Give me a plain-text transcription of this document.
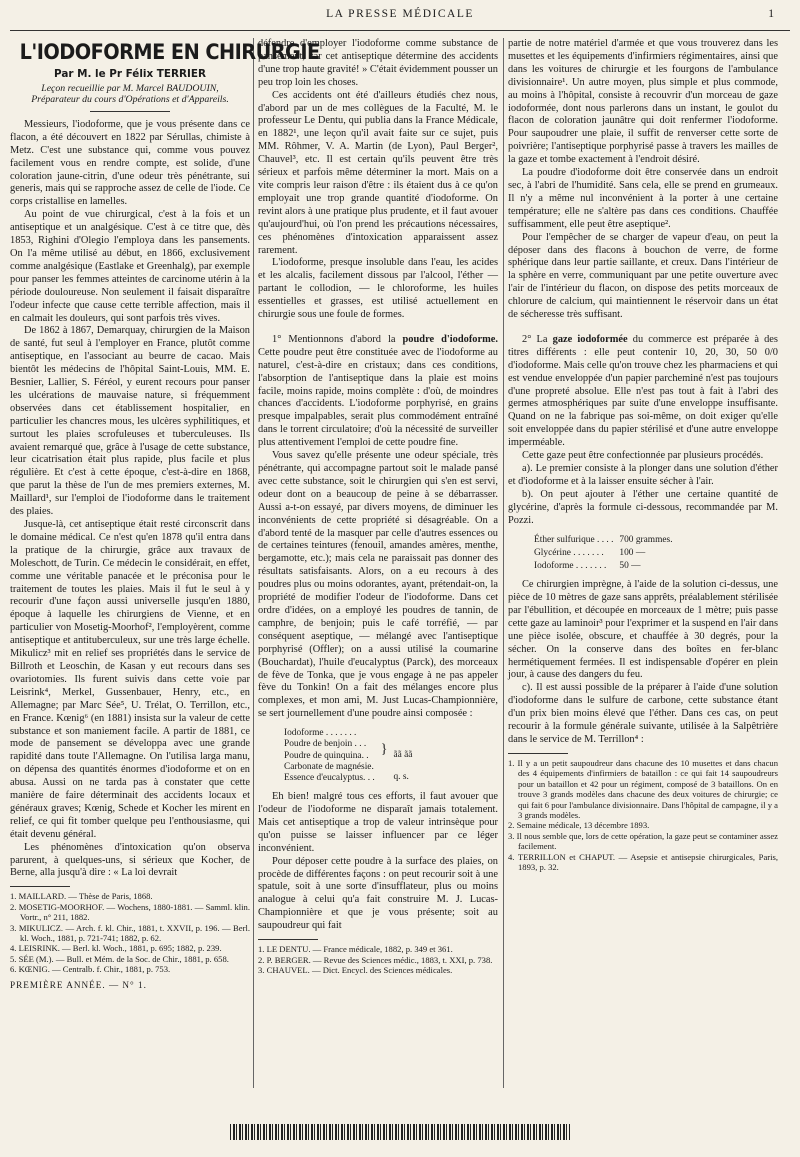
LA PRESSE MÉDICALE	1
L'IODOFORME EN CHIRURGIE
Par M. le Pr Félix TERRIER
Leçon recueillie par M. Marcel BAUDOUIN,
Préparateur du cours d'Opérations et d'Appareils.

Messieurs, l'iodoforme, que je vous présente dans ce flacon, a été découvert en 1822 par Sérullas, chimiste à Metz. C'est une substance qui, comme vous pouvez facilement vous en rendre compte, est solide, d'une coloration jaune-citrin, d'une odeur très pénétrante, sui generis, mais qui se rapproche assez de celle de l'iode. Ce corps cristallise en lamelles.

Au point de vue chirurgical, c'est à la fois et un antiseptique et un analgésique. C'est à ce titre que, dès 1853, Righini d'Olegio l'employa dans les pansements. On l'a même utilisé au début, en 1866, exclusivement comme analgésique (Eastlake et Greenhalg), par exemple pour panser les femmes atteintes de carcinome utérin à la période douloureuse. Non seulement il faisait disparaître l'odeur infecte que cause cette terrible affection, mais il en calmait les douleurs, qui sont parfois très vives.

De 1862 à 1867, Demarquay, chirurgien de la Maison de santé, fut seul à l'employer en France, plutôt comme antiseptique, en l'associant au beurre de cacao. Mais bientôt les médecins de l'hôpital Saint-Louis, MM. E. Besnier, Lallier, S. Féréol, y eurent recours pour panser les ulcérations de mauvaise nature, si fréquemment observées dans cet établissement hospitalier, en particulier les chancres mous, les ulcères syphilitiques, et surtout les plaies scrofuleuses et tuberculeuses. Ils avaient remarqué que, grâce à l'usage de cette substance, leur cicatrisation était plus rapide, plus facile et plus régulière. Et c'est à cette époque, c'est-à-dire en 1868, que parut la thèse de l'un de mes premiers externes, M. Maillard¹, sur l'emploi de l'iodoforme dans le traitement des plaies.

Jusque-là, cet antiseptique était resté circonscrit dans le domaine médical. Ce n'est qu'en 1878 qu'il entra dans la pratique de la chirurgie, grâce aux travaux de Moleschott, de Turin. Ce médecin le considérait, en effet, comme une véritable panacée et le préconisa pour le traitement de toutes les plaies. Mais il fut le seul à y recourir d'une façon aussi universelle jusqu'en 1880, époque à laquelle les chirurgiens de Vienne, et en particulier von Mosetig-Moorhof², l'employèrent, comme antiseptique et antituberculeux, sur une très large échelle. Mikulicz³ mit en relief ses propriétés dans le service de Billroth et Leoschin, de Kasan y eut recours dans ses ovariotomies. Ils furent suivis dans cette voie par Leisrink⁴, Merkel, Gussenbauer, Henry, etc., en Allemagne; par Marc Sée⁵, U. Trélat, O. Terrillon, etc., en France. Kœnig⁶ (en 1881) insista sur la valeur de cette substance et son maniement facile. A partir de 1881, ce mode de pansement se développa avec une grande rapidité dans toute l'Allemagne. On l'utilisa larga manu, on dépensa des quantités énormes d'iodoforme et on en abusa. Aussi on ne tarda pas à constater que cette manière de faire déterminait des accidents locaux et généraux graves; Kœnig, Schede et Kocher les mirent en relief, ce qui fit tomber quelque peu l'enthousiasme, qui était devenu général.

Les phénomènes d'intoxication qu'on observa parurent, à quelques-uns, si sérieux que Kocher, de Berne, alla jusqu'à dire : « La loi devrait

1. MAILLARD. — Thèse de Paris, 1868.

2. MOSETIG-MOORHOF. — Wochens, 1880-1881. — Samml. klin. Vortr., n° 211, 1882.

3. MIKULICZ. — Arch. f. kl. Chir., 1881, t. XXVII, p. 196. — Berl. kl. Woch., 1881, p. 721-741; 1882, p. 62.

4. LEISRINK. — Berl. kl. Woch., 1881, p. 695; 1882, p. 239.

5. SÉE (M.). — Bull. et Mém. de la Soc. de Chir., 1881, p. 658.

6. KŒNIG. — Centralb. f. Chir., 1881, p. 753.

PREMIÈRE ANNÉE. — N° 1.

défendre d'employer l'iodoforme comme substance de pansement, car cet antiseptique détermine des accidents d'une trop haute gravité! » C'était évidemment pousser un peu trop loin les choses.

Ces accidents ont été d'ailleurs étudiés chez nous, d'abord par un de mes collègues de la Faculté, M. le professeur Le Dentu, qui publia dans la France Médicale, en 1882¹, une leçon qu'il avait faite sur ce sujet, puis MM. Rôhmer, V. A. Martin (de Lyon), Paul Berger², Chauvel³, etc. Il est certain qu'ils peuvent être très sérieux et parfois même déterminer la mort. Mais on a vite compris leur raison d'être : ils étaient dus à ce qu'on employait une trop grande quantité d'iodoforme. On revint alors à une pratique plus prudente, et il faut avouer qu'aujourd'hui, où l'on prend les précautions nécessaires, ces phénomènes d'intoxication apparaissent assez rarement.

L'iodoforme, presque insoluble dans l'eau, les acides et les alcalis, facilement dissous par l'alcool, l'éther — partant le collodion, — le chloroforme, les huiles essentielles et grasses, est utilisé actuellement en chirurgie sous une foule de formes.

1° Mentionnons d'abord la poudre d'iodoforme. Cette poudre peut être constituée avec de l'iodoforme au naturel, c'est-à-dire en cristaux; dans ces conditions, l'absorption de l'antiseptique dans la plaie est moins facile, moins rapide, moins complète : d'où, de moindres chances d'accidents. L'iodoforme porphyrisé, en grains presque impalpables, serait plus commodément entraîné dans le torrent circulatoire; d'où la nécessité de surveiller plus attentivement l'emploi de cette poudre fine.

Vous savez qu'elle présente une odeur spéciale, très pénétrante, qui accompagne partout soit le malade pansé avec cette substance, soit le chirurgien qui s'en est servi, odeur dont on a beaucoup de peine à se débarrasser. Aussi a-t-on essayé, par divers moyens, de diminuer les inconvénients de cette propriété si désagréable. On a d'abord tenté de la masquer par celle d'autres essences ou de certaines teintures (fenouil, amandes amères, menthe, bergamotte, etc.); mais cela ne paraissait pas donner des résultats satisfaisants. Alors, on a eu recours à des poudres plus ou moins odorantes, ayant, prétendait-on, la propriété de modifier l'odeur de l'iodoforme. Dans cet ordre d'idées, on a employé les poudres de tannin, de camphre, de benjoin; puis le café torréfié, — par conséquent aseptique, — mélangé avec l'antiseptique porphyrisé (Offler); on a aussi utilisé la coumarine (Bouchardat), l'huile d'eucalyptus (Parck), des morceaux de fève de Tonka, que je vous engage à ne pas appeler fève du Tonkin! On a fait des mélanges encore plus complexes, et mon ami, M. Just Lucas-Championnière, se sert journellement d'une poudre ainsi composée :

Iodoforme . . . . . . .
Poudre de benjoin . . .
Poudre de quinquina. .
Carbonate de magnésie.
Essence d'eucalyptus. . .

}	ãã ãã
q. s.

Eh bien! malgré tous ces efforts, il faut avouer que l'odeur de l'iodoforme ne disparaît jamais totalement. Mais cet antiseptique a trop de valeur intrinsèque pour qu'on puisse se laisser influencer par ce léger inconvénient.

Pour déposer cette poudre à la surface des plaies, on procède de différentes façons : on peut recourir soit à une spatule, soit à une sorte d'insufflateur, plus ou moins analogue à celui qu'a fait construire M. J. Lucas-Championnière et que je vous présente; soit au saupoudreur qui fait

1. LE DENTU. — France médicale, 1882, p. 349 et 361.

2. P. BERGER. — Revue des Sciences médic., 1883, t. XXI, p. 738.

3. CHAUVEL. — Dict. Encycl. des Sciences médicales.

partie de notre matériel d'armée et que vous trouverez dans les musettes et les équipements d'infirmiers régimentaires, ainsi que dans les voitures de chirurgie et les fourgons de l'ambulance divisionnaire¹. Un autre moyen, plus simple et plus commode, au moins à l'hôpital, consiste à recouvrir d'un morceau de gaze iodoformée, dont nous parlerons dans un instant, le goulot du flacon de coloration jaunâtre qui doit renfermer l'iodoforme. Pour saupoudrer une plaie, il suffit de renverser cette sorte de poivrière; l'antiseptique porphyrisé passe à travers les mailles de la gaze et tombe exactement à l'endroit désiré.

La poudre d'iodoforme doit être conservée dans un endroit sec, à l'abri de l'humidité. Sans cela, elle se prend en grumeaux. Il n'y a même nul inconvénient à la porter à une certaine température; elle ne s'altère pas dans ces conditions. Chauffée suffisamment, elle peut être aseptique².

Pour l'empêcher de se charger de vapeur d'eau, on peut la déposer dans des flacons à bouchon de verre, de forme sphérique dans leur partie saillante, et creux. Dans l'intérieur de la sphère en verre, communiquant par une petite ouverture avec l'air de l'intérieur du flacon, on dispose des petits morceaux de chlorure de calcium, qui maintiennent le réservoir dans un état de sécheresse très suffisant.

2° La gaze iodoformée du commerce est préparée à des titres différents : elle peut contenir 10, 20, 30, 50 0/0 d'iodoforme. Mais celle qu'on trouve chez les pharmaciens et qui est vendue enveloppée d'un papier parcheminé n'est pas toujours d'une propreté absolue. Elle n'est pas tout à fait à l'abri des germes atmosphériques par suite d'une enveloppe insuffisante. Quand on ne la fabrique pas soi-même, on doit exiger qu'elle soit enveloppée dans du papier stérilisé et d'une autre enveloppe imperméable.

Cette gaze peut être confectionnée par plusieurs procédés.

a). Le premier consiste à la plonger dans une solution d'éther et d'iodoforme et à la laisser ensuite sécher à l'air.

b). On peut ajouter à l'éther une certaine quantité de glycérine, d'après la formule ci-dessous, recommandée par M. Pozzi.

Éther sulfurique . . . .	700 grammes.
Glycérine . . . . . . .	100 —
Iodoforme . . . . . . .	50 —

Ce chirurgien imprègne, à l'aide de la solution ci-dessus, une pièce de 10 mètres de gaze sans apprêts, préalablement stérilisée par l'ébullition, et découpée en morceaux de 1 mètre; puis passe cette gaze au laminoir³ pour l'exprimer et la suspend en l'air dans une pièce isolée, obscure, et chauffée à 30 degrés, pour la sécher. On la conserve dans des boîtes en fer-blanc hermétiquement fermées. Il est indispensable d'opérer en plein jour, à cause des dangers du feu.

c). Il est aussi possible de la préparer à l'aide d'une solution d'iodoforme dans le sulfure de carbone, cette substance étant d'un prix bien moins élevé que l'éther. Dans ces cas, on peut recourir à la formule générale suivante, utilisée à la Salpêtrière dans le service de M. Terrillon⁴ :

1. Il y a un petit saupoudreur dans chacune des 10 musettes et dans chacun des 4 équipements d'infirmiers de bataillon : ce qui fait 14 saupoudreurs pour un bataillon et 42 pour un régiment, composé de 3 bataillons. On en trouve 3 grands modèles dans chacune des deux voitures de chirurgie; ce qui fait 6 pour l'ambulance divisionnaire. Dans l'hôpital de campagne, il y a 3 grands modèles.

2. Semaine médicale, 13 décembre 1893.

3. Il nous semble que, lors de cette opération, la gaze peut se contaminer assez facilement.

4. TERRILLON et CHAPUT. — Asepsie et antisepsie chirurgicales, Paris, 1893, p. 32.
